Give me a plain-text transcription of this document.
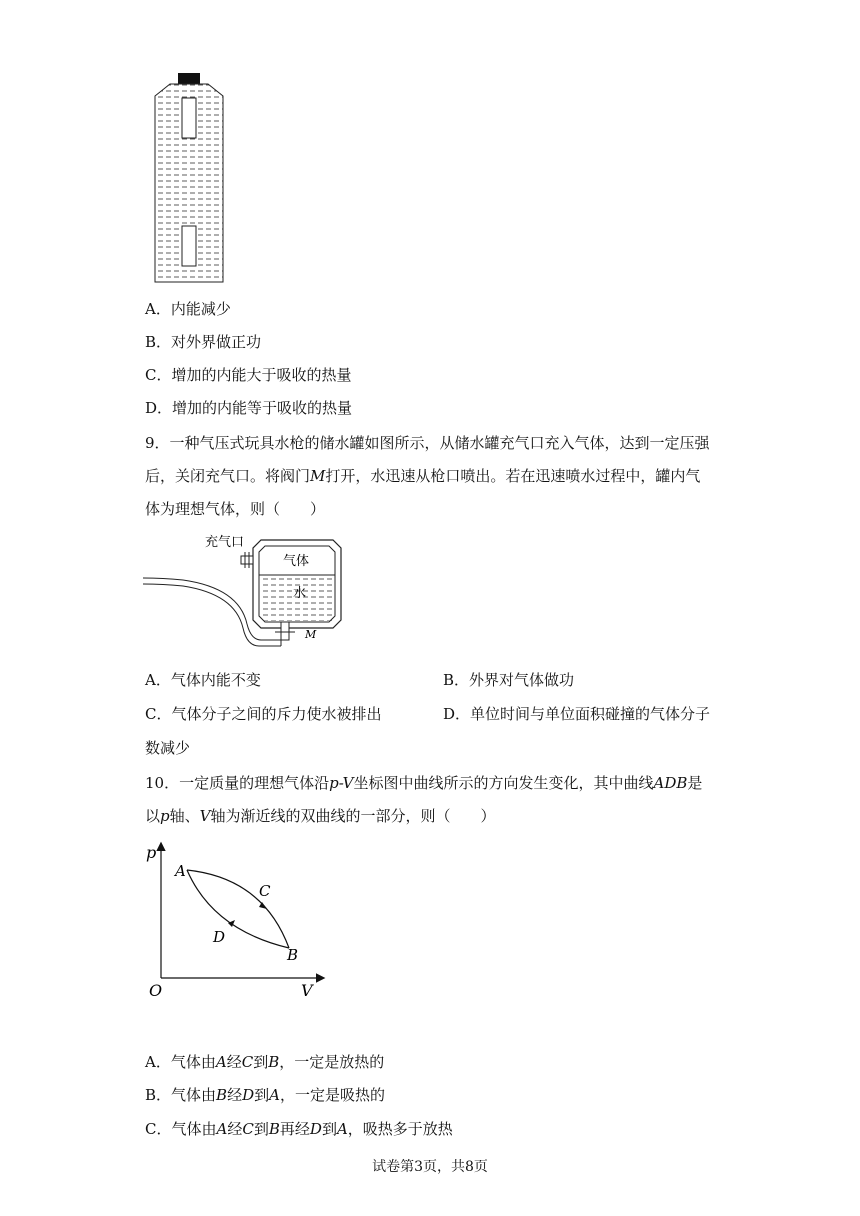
A．内能减少
B．对外界做正功
C．增加的内能大于吸收的热量
D．增加的内能等于吸收的热量
9．一种气压式玩具水枪的储水罐如图所示，从储水罐充气口充入气体，达到一定压强
后，关闭充气口。将阀门M打开，水迅速从枪口喷出。若在迅速喷水过程中，罐内气
体为理想气体，则（　　）
充气口
气体
水
M
A．气体内能不变	B．外界对气体做功
C．气体分子之间的斥力使水被排出	D．单位时间与单位面积碰撞的气体分子
数减少
10．一定质量的理想气体沿p-V坐标图中曲线所示的方向发生变化，其中曲线ADB是
以p轴、V轴为渐近线的双曲线的一部分，则（　　）
p
V
O
A
B
C
D
A．气体由A经C到B，一定是放热的
B．气体由B经D到A，一定是吸热的
C．气体由A经C到B再经D到A，吸热多于放热
试卷第3页，共8页
